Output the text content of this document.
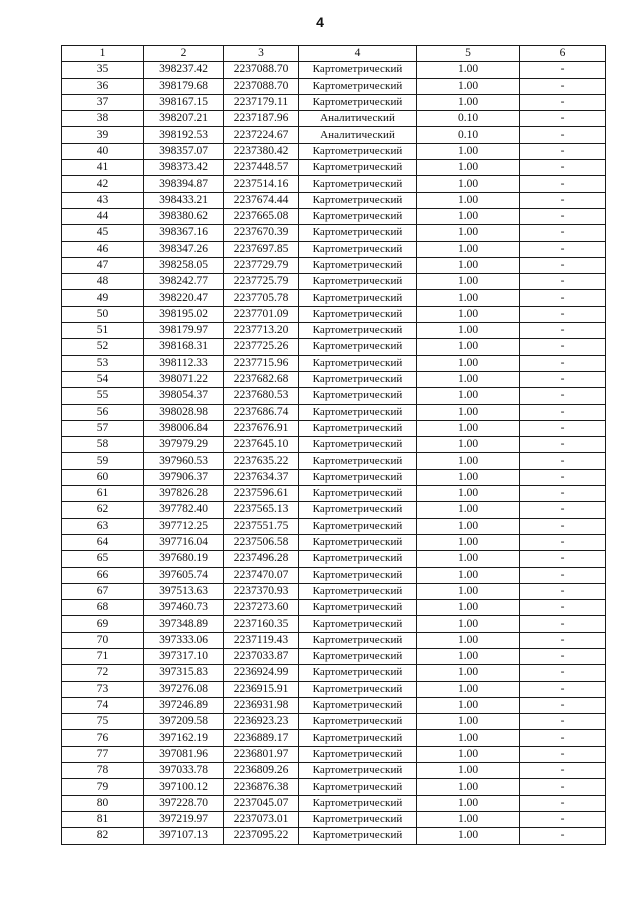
4
1	2	3	4	5	6
35	398237.42	2237088.70	Картометрический	1.00	-
36	398179.68	2237088.70	Картометрический	1.00	-
37	398167.15	2237179.11	Картометрический	1.00	-
38	398207.21	2237187.96	Аналитический	0.10	-
39	398192.53	2237224.67	Аналитический	0.10	-
40	398357.07	2237380.42	Картометрический	1.00	-
41	398373.42	2237448.57	Картометрический	1.00	-
42	398394.87	2237514.16	Картометрический	1.00	-
43	398433.21	2237674.44	Картометрический	1.00	-
44	398380.62	2237665.08	Картометрический	1.00	-
45	398367.16	2237670.39	Картометрический	1.00	-
46	398347.26	2237697.85	Картометрический	1.00	-
47	398258.05	2237729.79	Картометрический	1.00	-
48	398242.77	2237725.79	Картометрический	1.00	-
49	398220.47	2237705.78	Картометрический	1.00	-
50	398195.02	2237701.09	Картометрический	1.00	-
51	398179.97	2237713.20	Картометрический	1.00	-
52	398168.31	2237725.26	Картометрический	1.00	-
53	398112.33	2237715.96	Картометрический	1.00	-
54	398071.22	2237682.68	Картометрический	1.00	-
55	398054.37	2237680.53	Картометрический	1.00	-
56	398028.98	2237686.74	Картометрический	1.00	-
57	398006.84	2237676.91	Картометрический	1.00	-
58	397979.29	2237645.10	Картометрический	1.00	-
59	397960.53	2237635.22	Картометрический	1.00	-
60	397906.37	2237634.37	Картометрический	1.00	-
61	397826.28	2237596.61	Картометрический	1.00	-
62	397782.40	2237565.13	Картометрический	1.00	-
63	397712.25	2237551.75	Картометрический	1.00	-
64	397716.04	2237506.58	Картометрический	1.00	-
65	397680.19	2237496.28	Картометрический	1.00	-
66	397605.74	2237470.07	Картометрический	1.00	-
67	397513.63	2237370.93	Картометрический	1.00	-
68	397460.73	2237273.60	Картометрический	1.00	-
69	397348.89	2237160.35	Картометрический	1.00	-
70	397333.06	2237119.43	Картометрический	1.00	-
71	397317.10	2237033.87	Картометрический	1.00	-
72	397315.83	2236924.99	Картометрический	1.00	-
73	397276.08	2236915.91	Картометрический	1.00	-
74	397246.89	2236931.98	Картометрический	1.00	-
75	397209.58	2236923.23	Картометрический	1.00	-
76	397162.19	2236889.17	Картометрический	1.00	-
77	397081.96	2236801.97	Картометрический	1.00	-
78	397033.78	2236809.26	Картометрический	1.00	-
79	397100.12	2236876.38	Картометрический	1.00	-
80	397228.70	2237045.07	Картометрический	1.00	-
81	397219.97	2237073.01	Картометрический	1.00	-
82	397107.13	2237095.22	Картометрический	1.00	-
